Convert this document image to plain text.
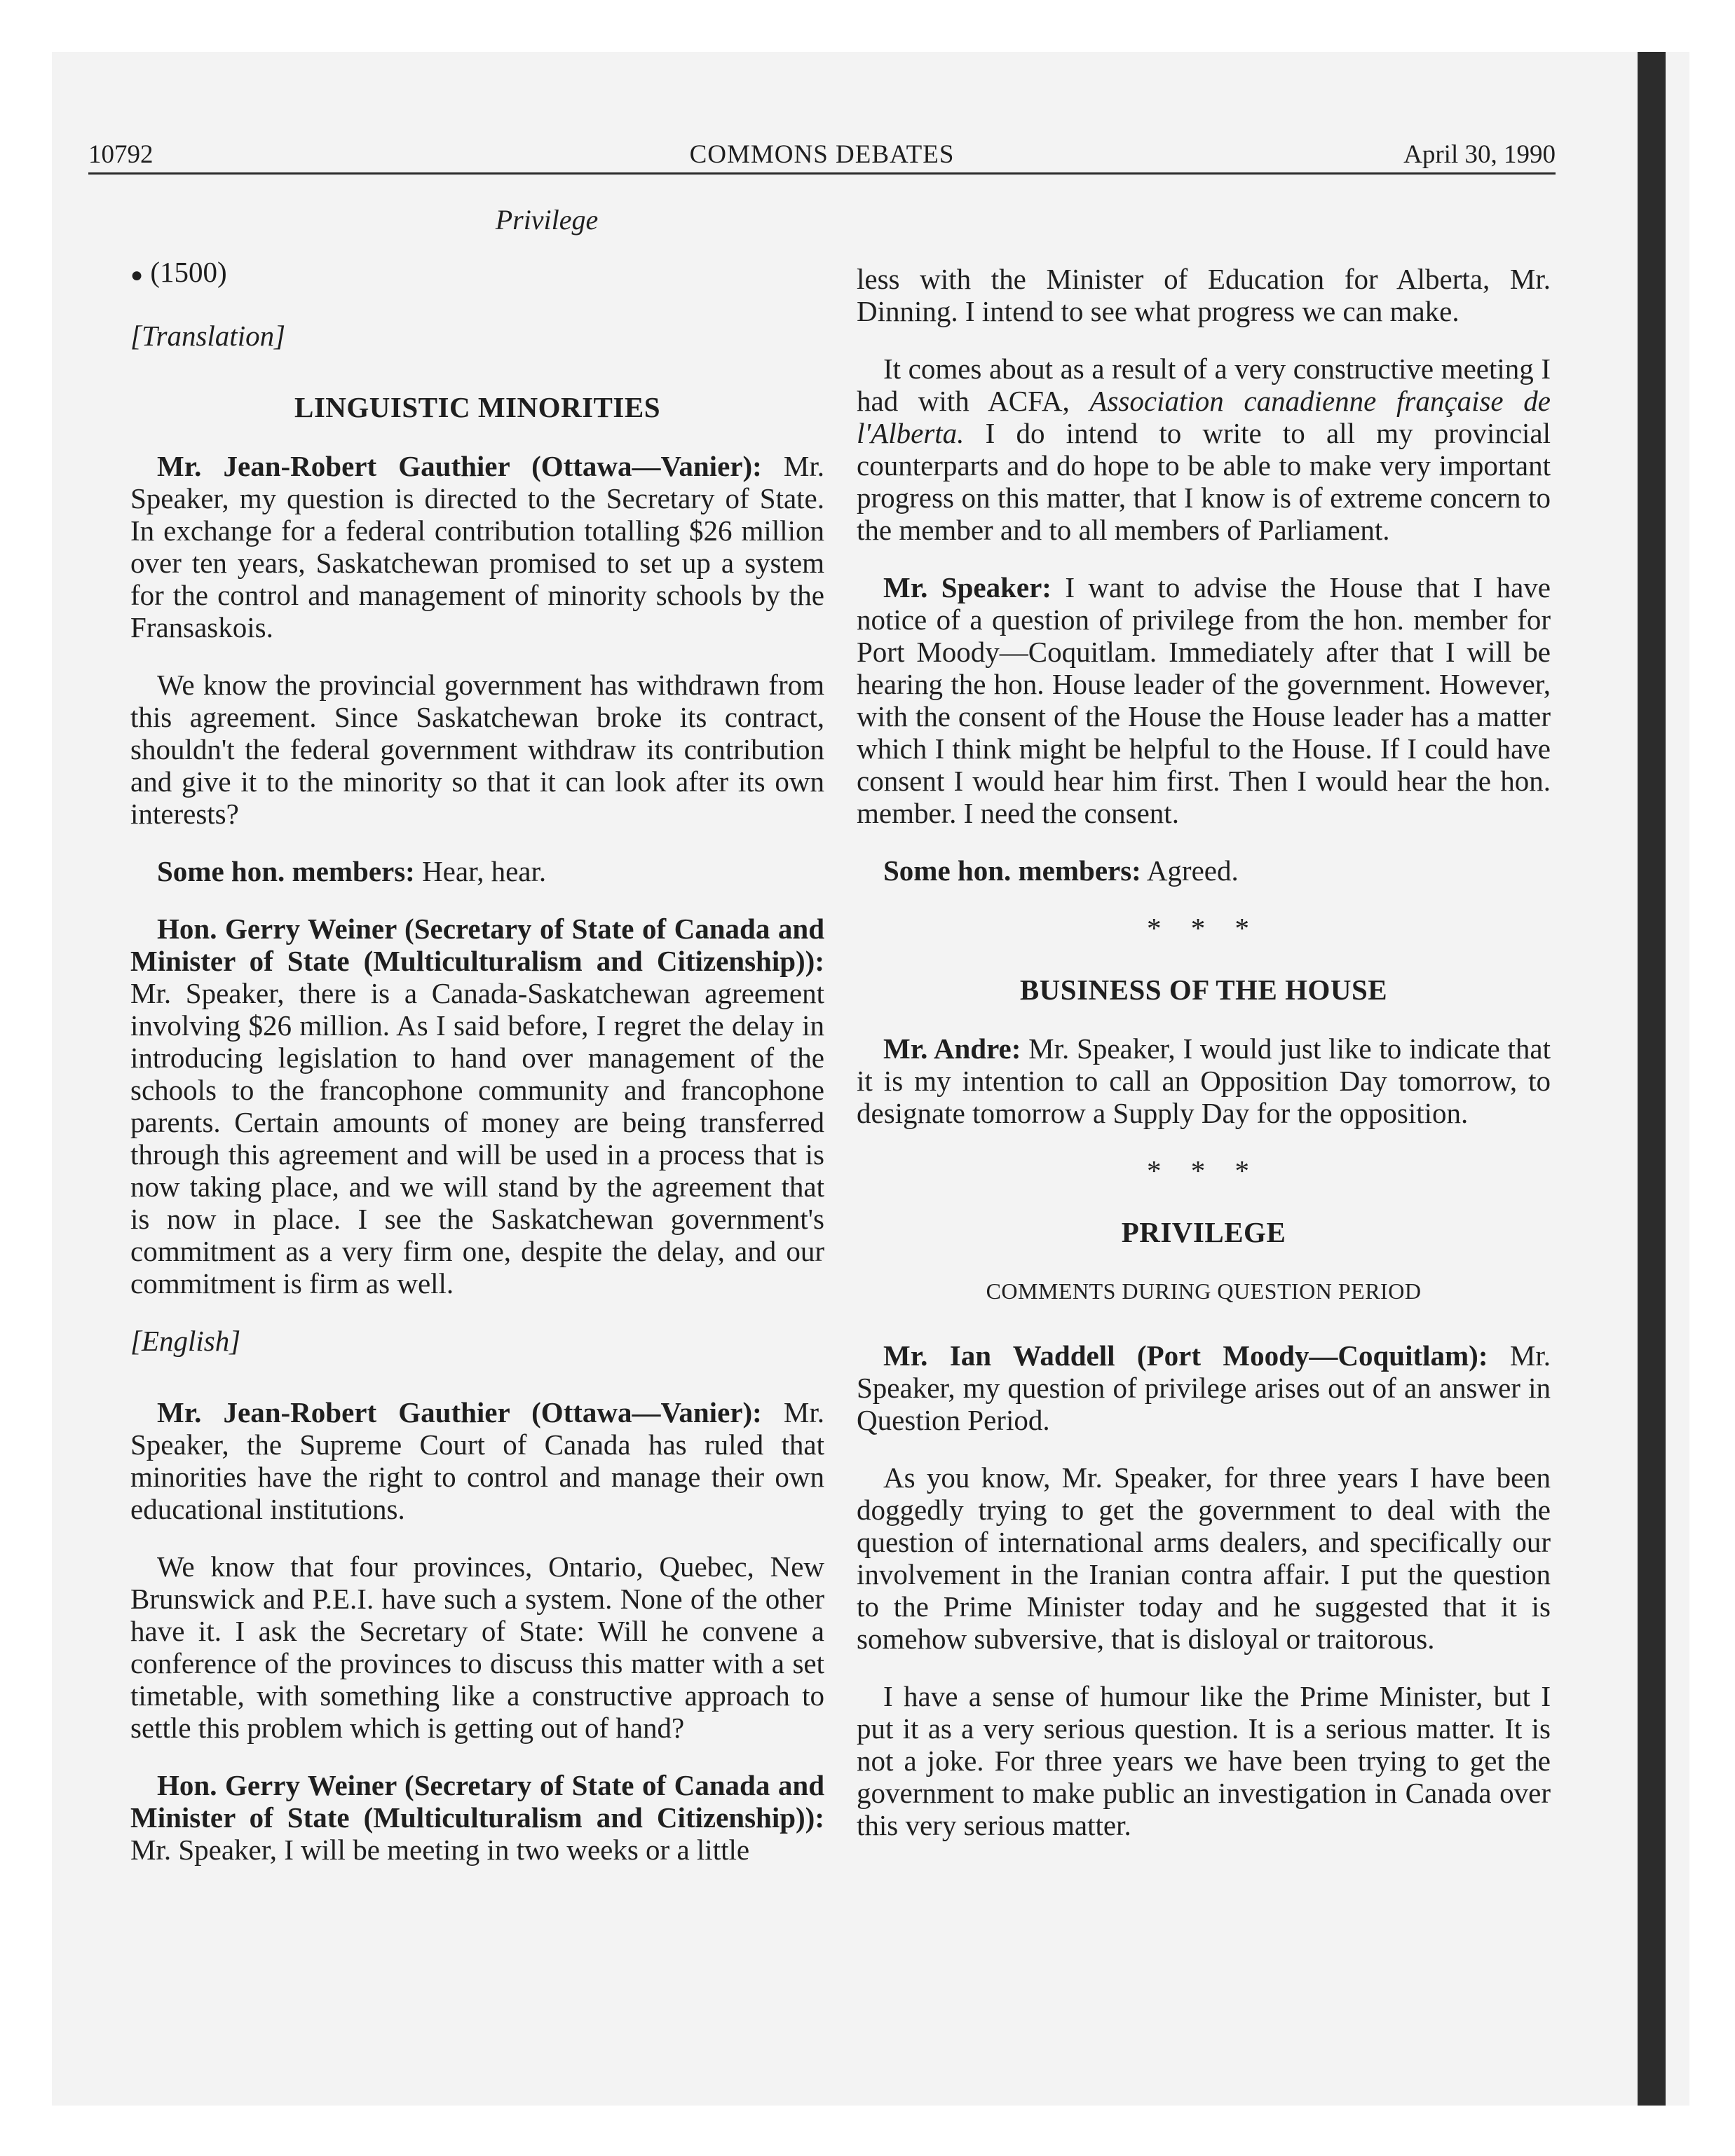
10792	COMMONS DEBATES	April 30, 1990
Privilege
● (1500)
[Translation]
LINGUISTIC MINORITIES

Mr. Jean-Robert Gauthier (Ottawa—Vanier): Mr. Speaker, my question is directed to the Secretary of State. In exchange for a federal contribution totalling $26 million over ten years, Saskatchewan promised to set up a system for the control and management of minority schools by the Fransaskois.

We know the provincial government has withdrawn from this agreement. Since Saskatchewan broke its contract, shouldn't the federal government withdraw its contribution and give it to the minority so that it can look after its own interests?

Some hon. members: Hear, hear.

Hon. Gerry Weiner (Secretary of State of Canada and Minister of State (Multiculturalism and Citizenship)): Mr. Speaker, there is a Canada-Saskatchewan agreement involving $26 million. As I said before, I regret the delay in introducing legislation to hand over management of the schools to the francophone community and francophone parents. Certain amounts of money are being transferred through this agreement and will be used in a process that is now taking place, and we will stand by the agreement that is now in place. I see the Saskatchewan government's commitment as a very firm one, despite the delay, and our commitment is firm as well.

[English]

Mr. Jean-Robert Gauthier (Ottawa—Vanier): Mr. Speaker, the Supreme Court of Canada has ruled that minorities have the right to control and manage their own educational institutions.

We know that four provinces, Ontario, Quebec, New Brunswick and P.E.I. have such a system. None of the other have it. I ask the Secretary of State: Will he convene a conference of the provinces to discuss this matter with a set timetable, with something like a constructive approach to settle this problem which is getting out of hand?

Hon. Gerry Weiner (Secretary of State of Canada and Minister of State (Multiculturalism and Citizenship)): Mr. Speaker, I will be meeting in two weeks or a little

less with the Minister of Education for Alberta, Mr. Dinning. I intend to see what progress we can make.

It comes about as a result of a very constructive meeting I had with ACFA, Association canadienne française de l'Alberta. I do intend to write to all my provincial counterparts and do hope to be able to make very important progress on this matter, that I know is of extreme concern to the member and to all members of Parliament.

Mr. Speaker: I want to advise the House that I have notice of a question of privilege from the hon. member for Port Moody—Coquitlam. Immediately after that I will be hearing the hon. House leader of the government. However, with the consent of the House the House leader has a matter which I think might be helpful to the House. If I could have consent I would hear him first. Then I would hear the hon. member. I need the consent.

Some hon. members: Agreed.

* * *
BUSINESS OF THE HOUSE

Mr. Andre: Mr. Speaker, I would just like to indicate that it is my intention to call an Opposition Day tomorrow, to designate tomorrow a Supply Day for the opposition.

* * *
PRIVILEGE
COMMENTS DURING QUESTION PERIOD

Mr. Ian Waddell (Port Moody—Coquitlam): Mr. Speaker, my question of privilege arises out of an answer in Question Period.

As you know, Mr. Speaker, for three years I have been doggedly trying to get the government to deal with the question of international arms dealers, and specifically our involvement in the Iranian contra affair. I put the question to the Prime Minister today and he suggested that it is somehow subversive, that is disloyal or traitorous.

I have a sense of humour like the Prime Minister, but I put it as a very serious question. It is a serious matter. It is not a joke. For three years we have been trying to get the government to make public an investigation in Canada over this very serious matter.
